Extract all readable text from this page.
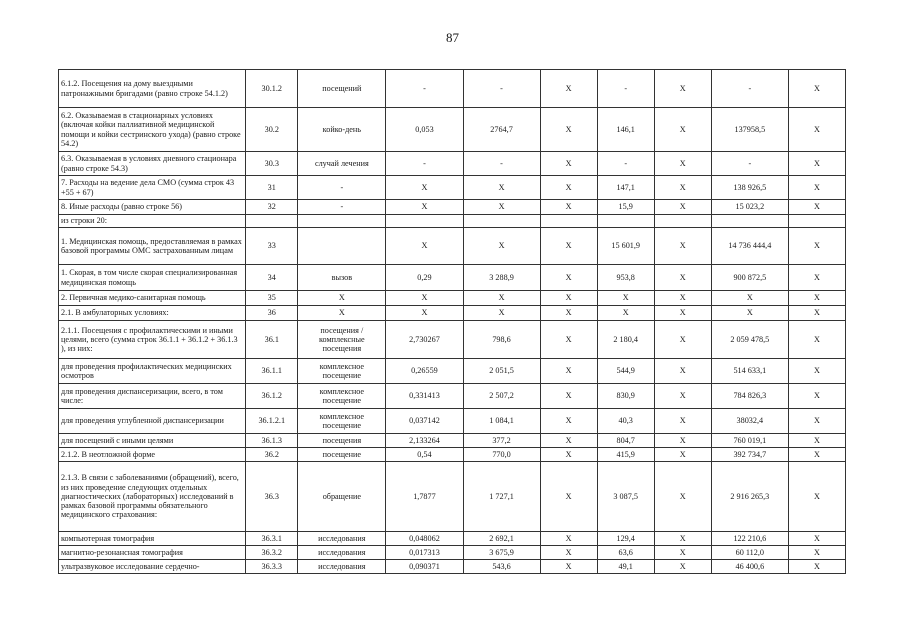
87
6.1.2. Посещения на дому выездными патронажными бригадами (равно строке 54.1.2)	30.1.2	посещений	-	-	X	-	X	-	X
6.2. Оказываемая в стационарных условиях (включая койки паллиативной медицинской помощи и койки сестринского ухода) (равно строке 54.2)	30.2	койко-день	0,053	2764,7	X	146,1	X	137958,5	X
6.3. Оказываемая в условиях дневного стационара (равно строке 54.3)	30.3	случай лечения	-	-	X	-	X	-	X
7. Расходы на ведение дела СМО (сумма строк 43 +55 + 67)	31	-	X	X	X	147,1	X	138 926,5	X
8. Иные расходы (равно строке 56)	32	-	X	X	X	15,9	X	15 023,2	X
из строки 20:									
1. Медицинская помощь, предоставляемая в рамках базовой программы ОМС застрахованным лицам	33		X	X	X	15 601,9	X	14 736 444,4	X
1. Скорая, в том числе скорая специализированная медицинская помощь	34	вызов	0,29	3 288,9	X	953,8	X	900 872,5	X
2. Первичная медико-санитарная помощь	35	X	X	X	X	X	X	X	X
2.1. В амбулаторных условиях:	36	X	X	X	X	X	X	X	X
2.1.1. Посещения с профилактическими и иными целями, всего (сумма строк 36.1.1 + 36.1.2 + 36.1.3 ), из них:	36.1	посещения / комплексные посещения	2,730267	798,6	X	2 180,4	X	2 059 478,5	X
для проведения профилактических медицинских осмотров	36.1.1	комплексное посещение	0,26559	2 051,5	X	544,9	X	514 633,1	X
для проведения диспансеризации, всего, в том числе:	36.1.2	комплексное посещение	0,331413	2 507,2	X	830,9	X	784 826,3	X
для проведения углубленной диспансеризации	36.1.2.1	комплексное посещение	0,037142	1 084,1	X	40,3	X	38032,4	X
для посещений с иными целями	36.1.3	посещения	2,133264	377,2	X	804,7	X	760 019,1	X
2.1.2. В неотложной форме	36.2	посещение	0,54	770,0	X	415,9	X	392 734,7	X
2.1.3. В связи с заболеваниями (обращений), всего, из них проведение следующих отдельных диагностических (лабораторных) исследований в рамках базовой программы обязательного медицинского страхования:	36.3	обращение	1,7877	1 727,1	X	3 087,5	X	2 916 265,3	X
компьютерная томография	36.3.1	исследования	0,048062	2 692,1	X	129,4	X	122 210,6	X
магнитно-резонансная томография	36.3.2	исследования	0,017313	3 675,9	X	63,6	X	60 112,0	X
ультразвуковое исследование сердечно-	36.3.3	исследования	0,090371	543,6	X	49,1	X	46 400,6	X
